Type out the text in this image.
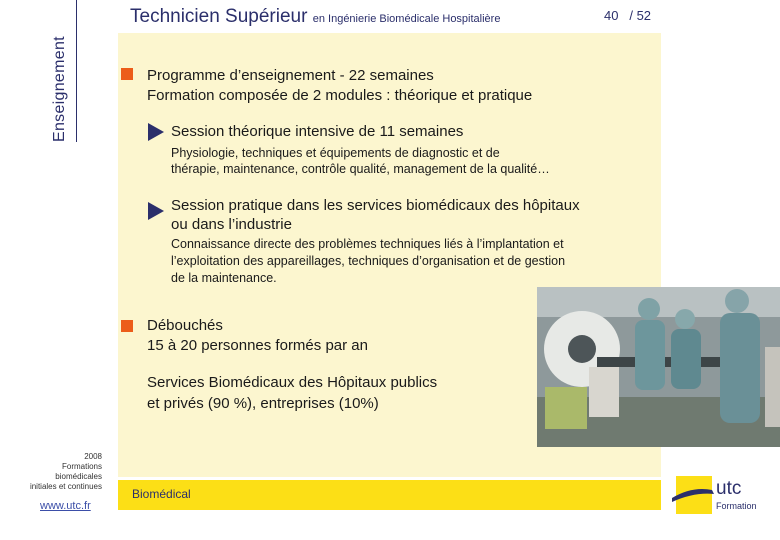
Enseignement
2008
Formations
biomédicales
initiales et continues
www.utc.fr
Technicien Supérieur en Ingénierie Biomédicale Hospitalière	40 / 52
Programme d’enseignement - 22 semaines
Formation composée de 2 modules : théorique et pratique
Session théorique intensive de 11 semaines
Physiologie, techniques et équipements de diagnostic et de
thérapie, maintenance, contrôle qualité, management de la qualité…
Session pratique dans les services biomédicaux des hôpitaux
ou dans l’industrie
Connaissance directe des problèmes techniques liés à l’implantation et
l’exploitation des appareillages, techniques d’organisation et de gestion
de la maintenance.
Débouchés
15 à 20 personnes formés par an
Services Biomédicaux des Hôpitaux publics
et privés (90 %), entreprises (10%)
Biomédical	utc
Formation
